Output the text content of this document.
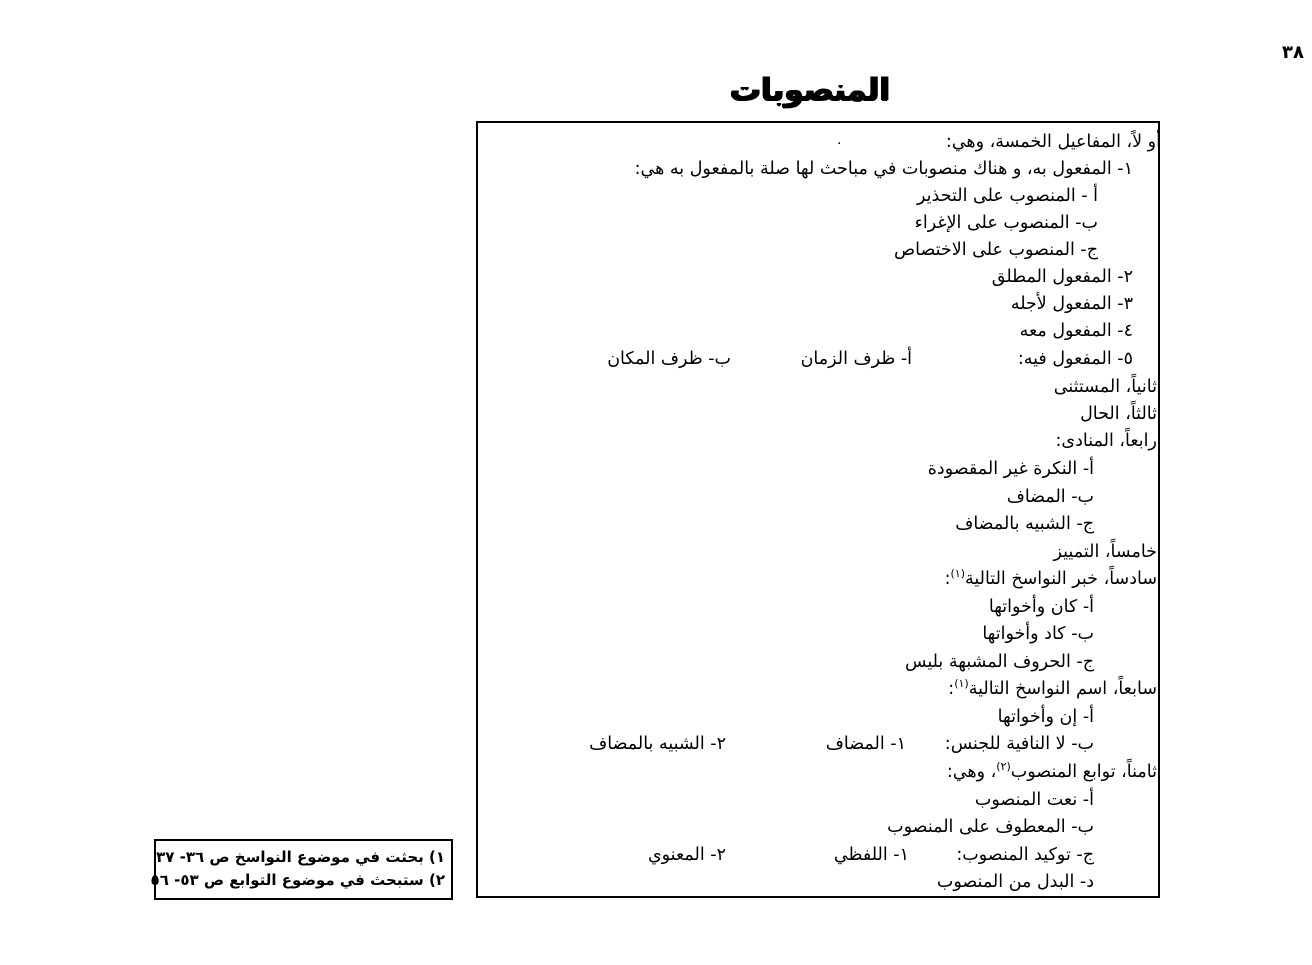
٣٨
المنصوبات
.	أو لاً، المفاعيل الخمسة، وهي:
١- المفعول به، و هناك منصوبات في مباحث لها صلة بالمفعول به هي:
أ - المنصوب على التحذير
ب- المنصوب على الإغراء
ج- المنصوب على الاختصاص
٢- المفعول المطلق
٣- المفعول لأجله
٤- المفعول معه
٥- المفعول فيه:
أ- ظرف الزمان
ب- ظرف المكان
ثانياً، المستثنى
ثالثاً، الحال
رابعاً، المنادى:
أ- النكرة غير المقصودة
ب- المضاف
ج- الشبيه بالمضاف
خامساً، التمييز
سادساً، خبر النواسخ التالية$^{(١)}$:
أ- كان وأخواتها
ب- كاد وأخواتها
ج- الحروف المشبهة بليس
سابعاً، اسم النواسخ التالية$^{(١)}$:
أ- إن وأخواتها
ب- لا النافية للجنس:
١- المضاف
٢- الشبيه بالمضاف
ثامناً، توابع المنصوب$^{(٢)}$، وهي:
أ- نعت المنصوب
ب- المعطوف على المنصوب
ج- توكيد المنصوب:
١- اللفظي
٢- المعنوي
د- البدل من المنصوب
١) بحثت في موضوع النواسخ ص ٣٦- ٣٧
٢) ستبحث في موضوع التوابع ص ٥٣- ٥٦
